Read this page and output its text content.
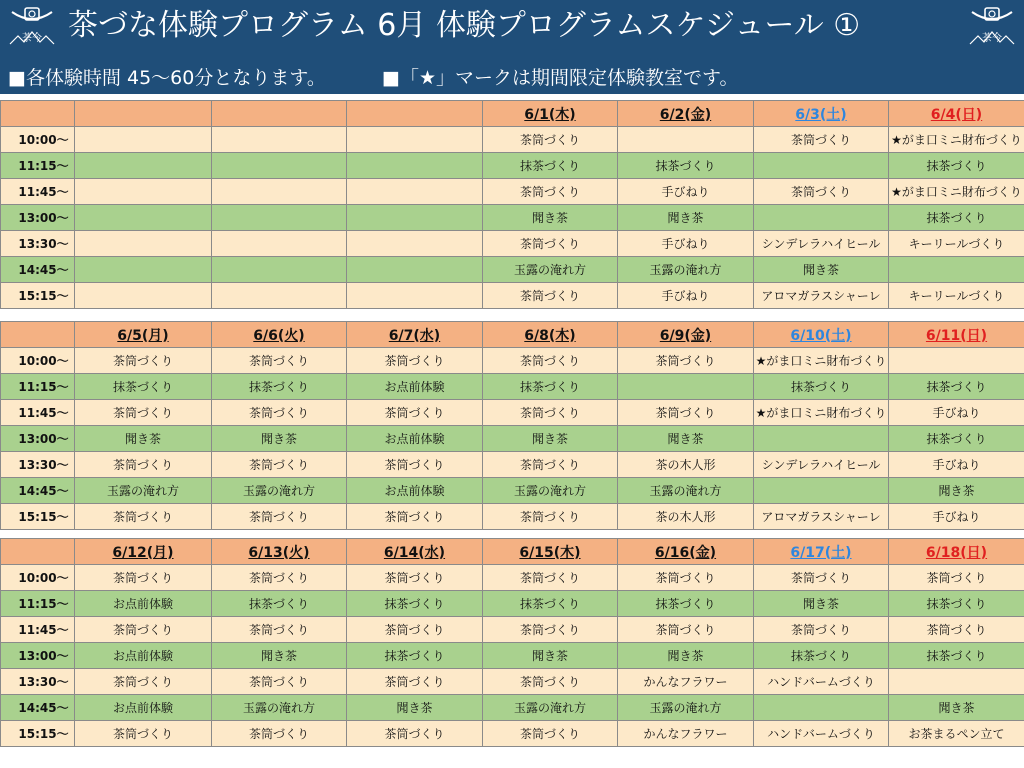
茶今 茶づな体験プログラム 6月 体験プログラムスケジュール ①	茶今
■各体験時間 45～60分となります。	■「★」マークは期間限定体験教室です。
				6/1(木)	6/2(金)	6/3(土)	6/4(日)
10:00～				茶筒づくり		茶筒づくり	★がま口ミニ財布づくり
11:15～				抹茶づくり	抹茶づくり		抹茶づくり
11:45～				茶筒づくり	手びねり	茶筒づくり	★がま口ミニ財布づくり
13:00～				聞き茶	聞き茶		抹茶づくり
13:30～				茶筒づくり	手びねり	シンデレラハイヒール	キーリールづくり
14:45～				玉露の淹れ方	玉露の淹れ方	聞き茶	
15:15～				茶筒づくり	手びねり	アロマガラスシャーレ	キーリールづくり
	6/5(月)	6/6(火)	6/7(水)	6/8(木)	6/9(金)	6/10(土)	6/11(日)
10:00～	茶筒づくり	茶筒づくり	茶筒づくり	茶筒づくり	茶筒づくり	★がま口ミニ財布づくり	
11:15～	抹茶づくり	抹茶づくり	お点前体験	抹茶づくり		抹茶づくり	抹茶づくり
11:45～	茶筒づくり	茶筒づくり	茶筒づくり	茶筒づくり	茶筒づくり	★がま口ミニ財布づくり	手びねり
13:00～	聞き茶	聞き茶	お点前体験	聞き茶	聞き茶		抹茶づくり
13:30～	茶筒づくり	茶筒づくり	茶筒づくり	茶筒づくり	茶の木人形	シンデレラハイヒール	手びねり
14:45～	玉露の淹れ方	玉露の淹れ方	お点前体験	玉露の淹れ方	玉露の淹れ方		聞き茶
15:15～	茶筒づくり	茶筒づくり	茶筒づくり	茶筒づくり	茶の木人形	アロマガラスシャーレ	手びねり
	6/12(月)	6/13(火)	6/14(水)	6/15(木)	6/16(金)	6/17(土)	6/18(日)
10:00～	茶筒づくり	茶筒づくり	茶筒づくり	茶筒づくり	茶筒づくり	茶筒づくり	茶筒づくり
11:15～	お点前体験	抹茶づくり	抹茶づくり	抹茶づくり	抹茶づくり	聞き茶	抹茶づくり
11:45～	茶筒づくり	茶筒づくり	茶筒づくり	茶筒づくり	茶筒づくり	茶筒づくり	茶筒づくり
13:00～	お点前体験	聞き茶	抹茶づくり	聞き茶	聞き茶	抹茶づくり	抹茶づくり
13:30～	茶筒づくり	茶筒づくり	茶筒づくり	茶筒づくり	かんなフラワー	ハンドバームづくり	
14:45～	お点前体験	玉露の淹れ方	聞き茶	玉露の淹れ方	玉露の淹れ方		聞き茶
15:15～	茶筒づくり	茶筒づくり	茶筒づくり	茶筒づくり	かんなフラワー	ハンドバームづくり	お茶まるペン立て
